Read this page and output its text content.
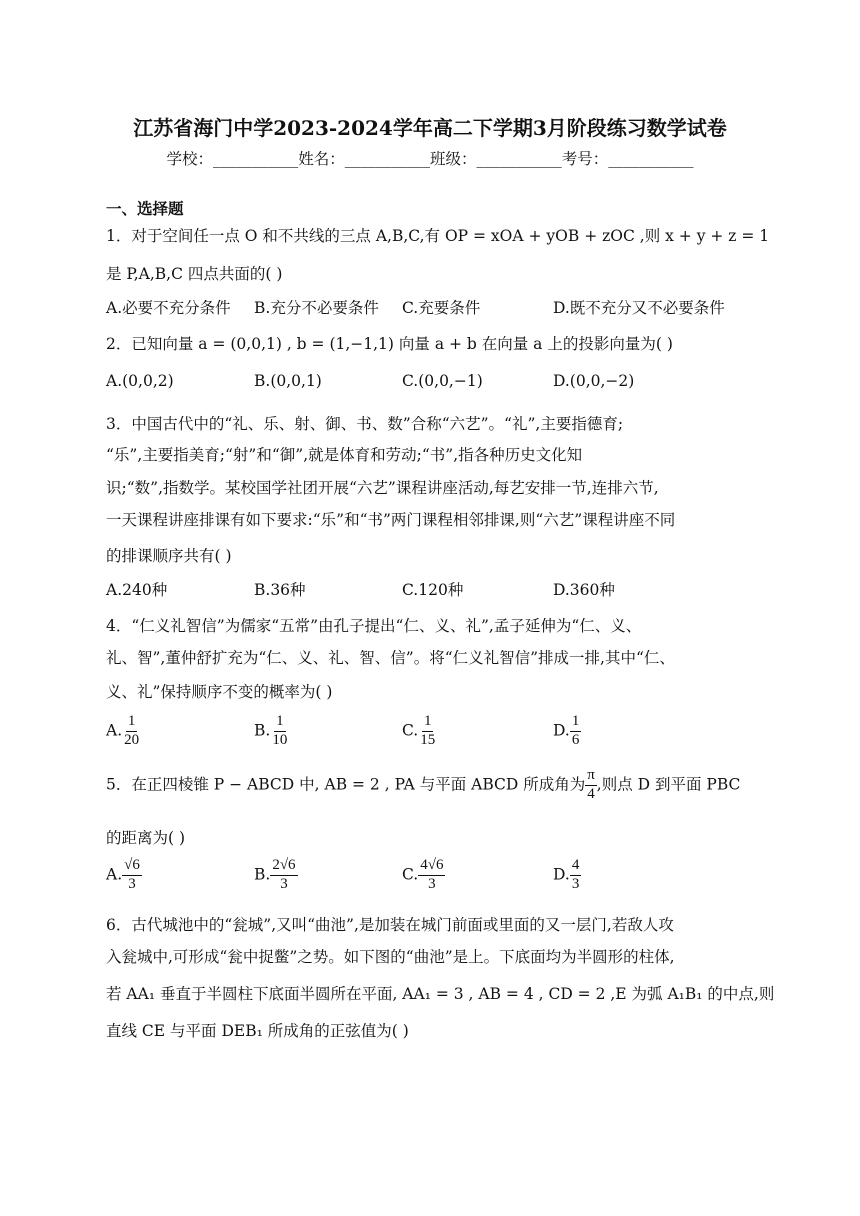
江苏省海门中学2023-2024学年高二下学期3月阶段练习数学试卷
学校：___________姓名：___________班级：___________考号：___________
一、选择题
1．对于空间任一点 O 和不共线的三点 A,B,C,有 OP = xOA + yOB + zOC ,则 x + y + z = 1
是 P,A,B,C 四点共面的( )
A.必要不充分条件 B.充分不必要条件 C.充要条件	D.既不充分又不必要条件
2．已知向量 a = (0,0,1) , b = (1,−1,1) 向量 a + b 在向量 a 上的投影向量为( )
A.(0,0,2)	B.(0,0,1)	C.(0,0,−1)	D.(0,0,−2)
3．中国古代中的“礼、乐、射、御、书、数”合称“六艺”。“礼”,主要指德育;
“乐”,主要指美育;“射”和“御”,就是体育和劳动;“书”,指各种历史文化知
识;“数”,指数学。某校国学社团开展“六艺”课程讲座活动,每艺安排一节,连排六节,
一天课程讲座排课有如下要求:“乐”和“书”两门课程相邻排课,则“六艺”课程讲座不同
的排课顺序共有( )
A.240种	B.36种	C.120种	D.360种
4．“仁义礼智信”为儒家“五常”由孔子提出“仁、义、礼”,孟子延伸为“仁、义、
礼、智”,董仲舒扩充为“仁、义、礼、智、信”。将“仁义礼智信”排成一排,其中“仁、
义、礼”保持顺序不变的概率为( )
A. $\frac{1}{20}$	B. $\frac{1}{10}$	C. $\frac{1}{15}$	D. $\frac{1}{6}$
5．在正四棱锥 P − ABCD 中, AB = 2 , PA 与平面 ABCD 所成角为 $\frac{\pi}{4}$ ,则点 D 到平面 PBC
的距离为( )
A. $\frac{√6}{3}$	B. $\frac{2√6}{3}$	C. $\frac{4√6}{3}$	D. $\frac{4}{3}$
6．古代城池中的“瓮城”,又叫“曲池”,是加装在城门前面或里面的又一层门,若敌人攻
入瓮城中,可形成“瓮中捉鳖”之势。如下图的“曲池”是上。下底面均为半圆形的柱体,
若 AA₁ 垂直于半圆柱下底面半圆所在平面, AA₁ = 3 , AB = 4 , CD = 2 ,E 为弧 A₁B₁ 的中点,则
直线 CE 与平面 DEB₁ 所成角的正弦值为( )
